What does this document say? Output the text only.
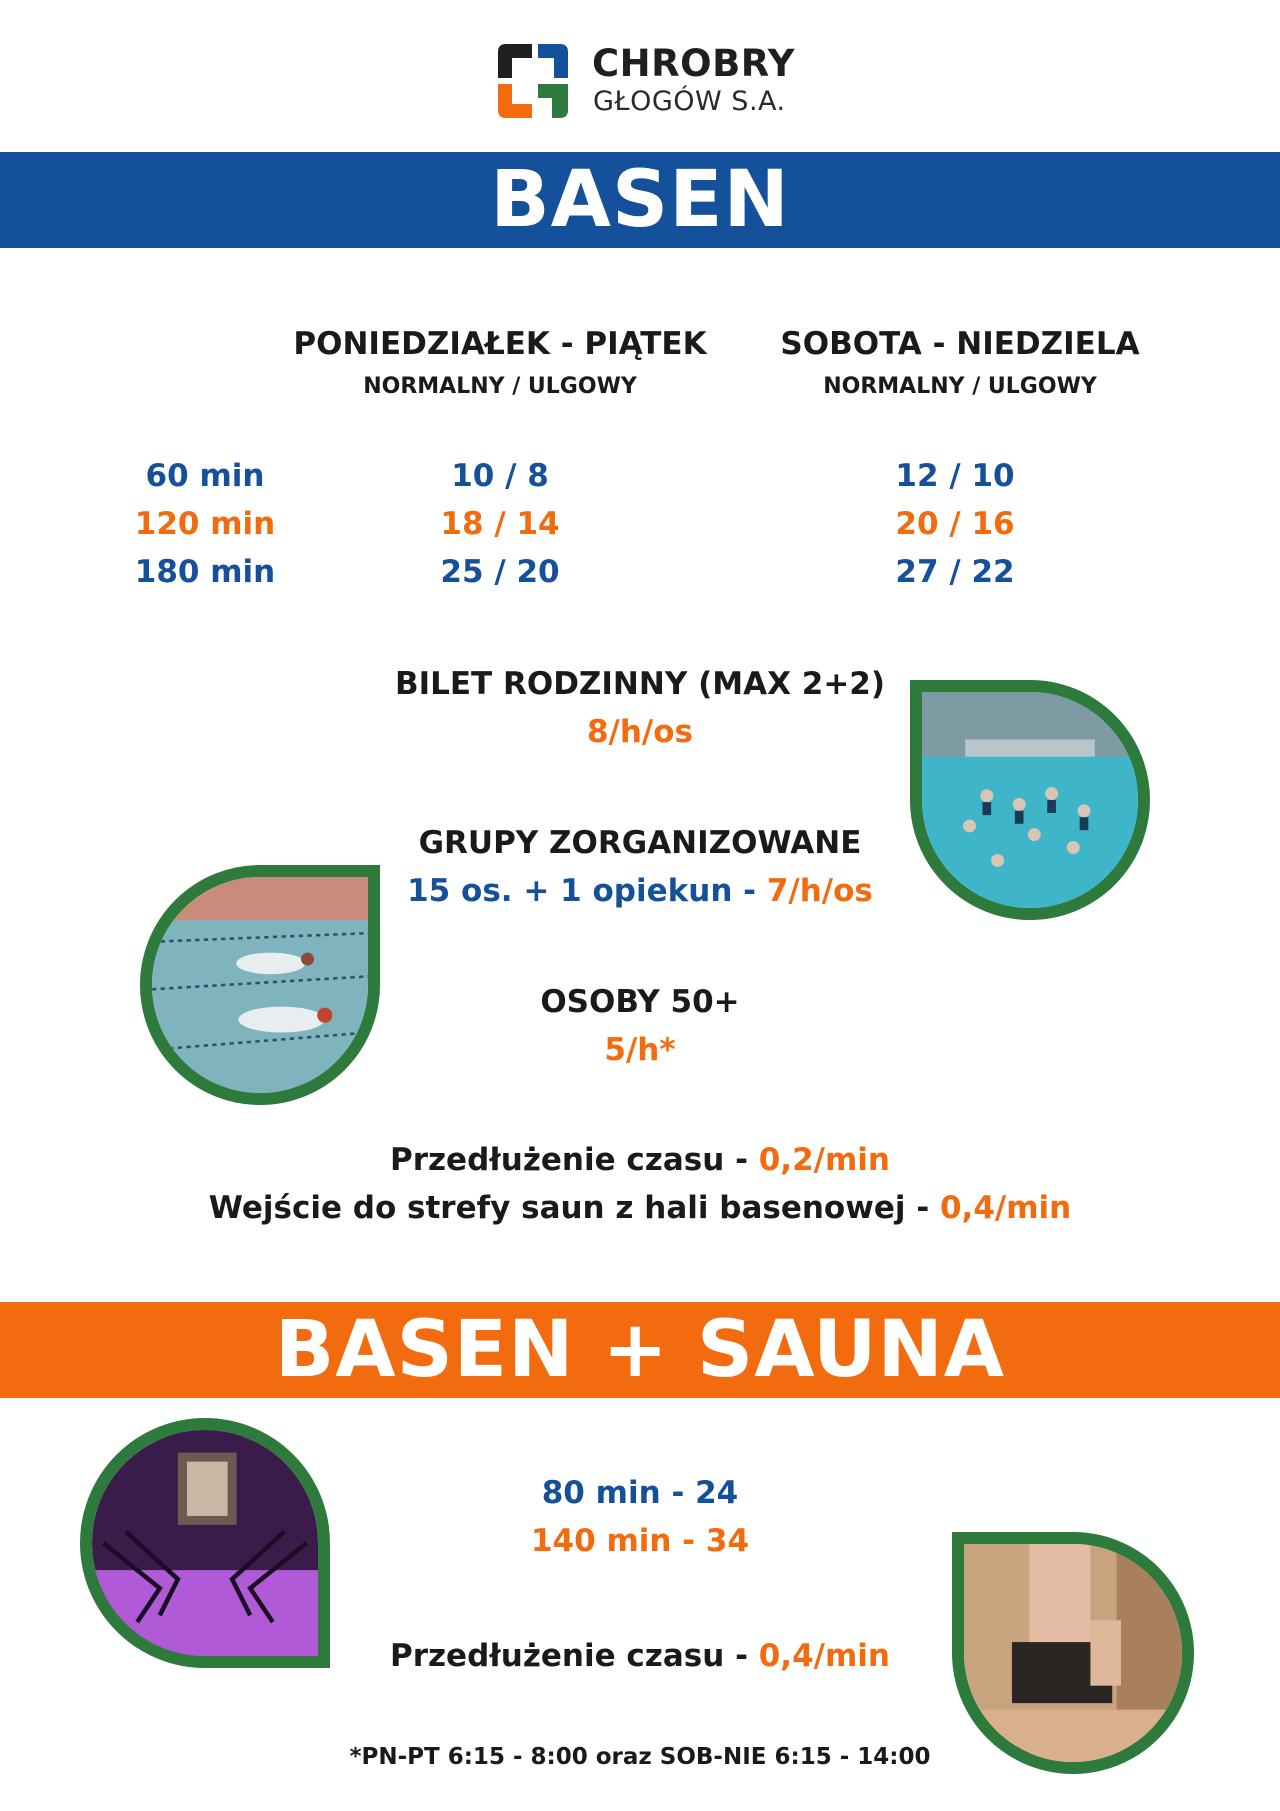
CHROBRY
GŁOGÓW S.A.
BASEN
PONIEDZIAŁEK - PIĄTEK
NORMALNY / ULGOWY
SOBOTA - NIEDZIELA
NORMALNY / ULGOWY
60 min
120 min
180 min
10 / 8
18 / 14
25 / 20
12 / 10
20 / 16
27 / 22
BILET RODZINNY (MAX 2+2)
8/h/os
GRUPY ZORGANIZOWANE
15 os. + 1 opiekun - 7/h/os
OSOBY 50+
5/h*
Przedłużenie czasu - 0,2/min
Wejście do strefy saun z hali basenowej - 0,4/min
BASEN + SAUNA
80 min - 24
140 min - 34
Przedłużenie czasu - 0,4/min
*PN-PT 6:15 - 8:00 oraz SOB-NIE 6:15 - 14:00
